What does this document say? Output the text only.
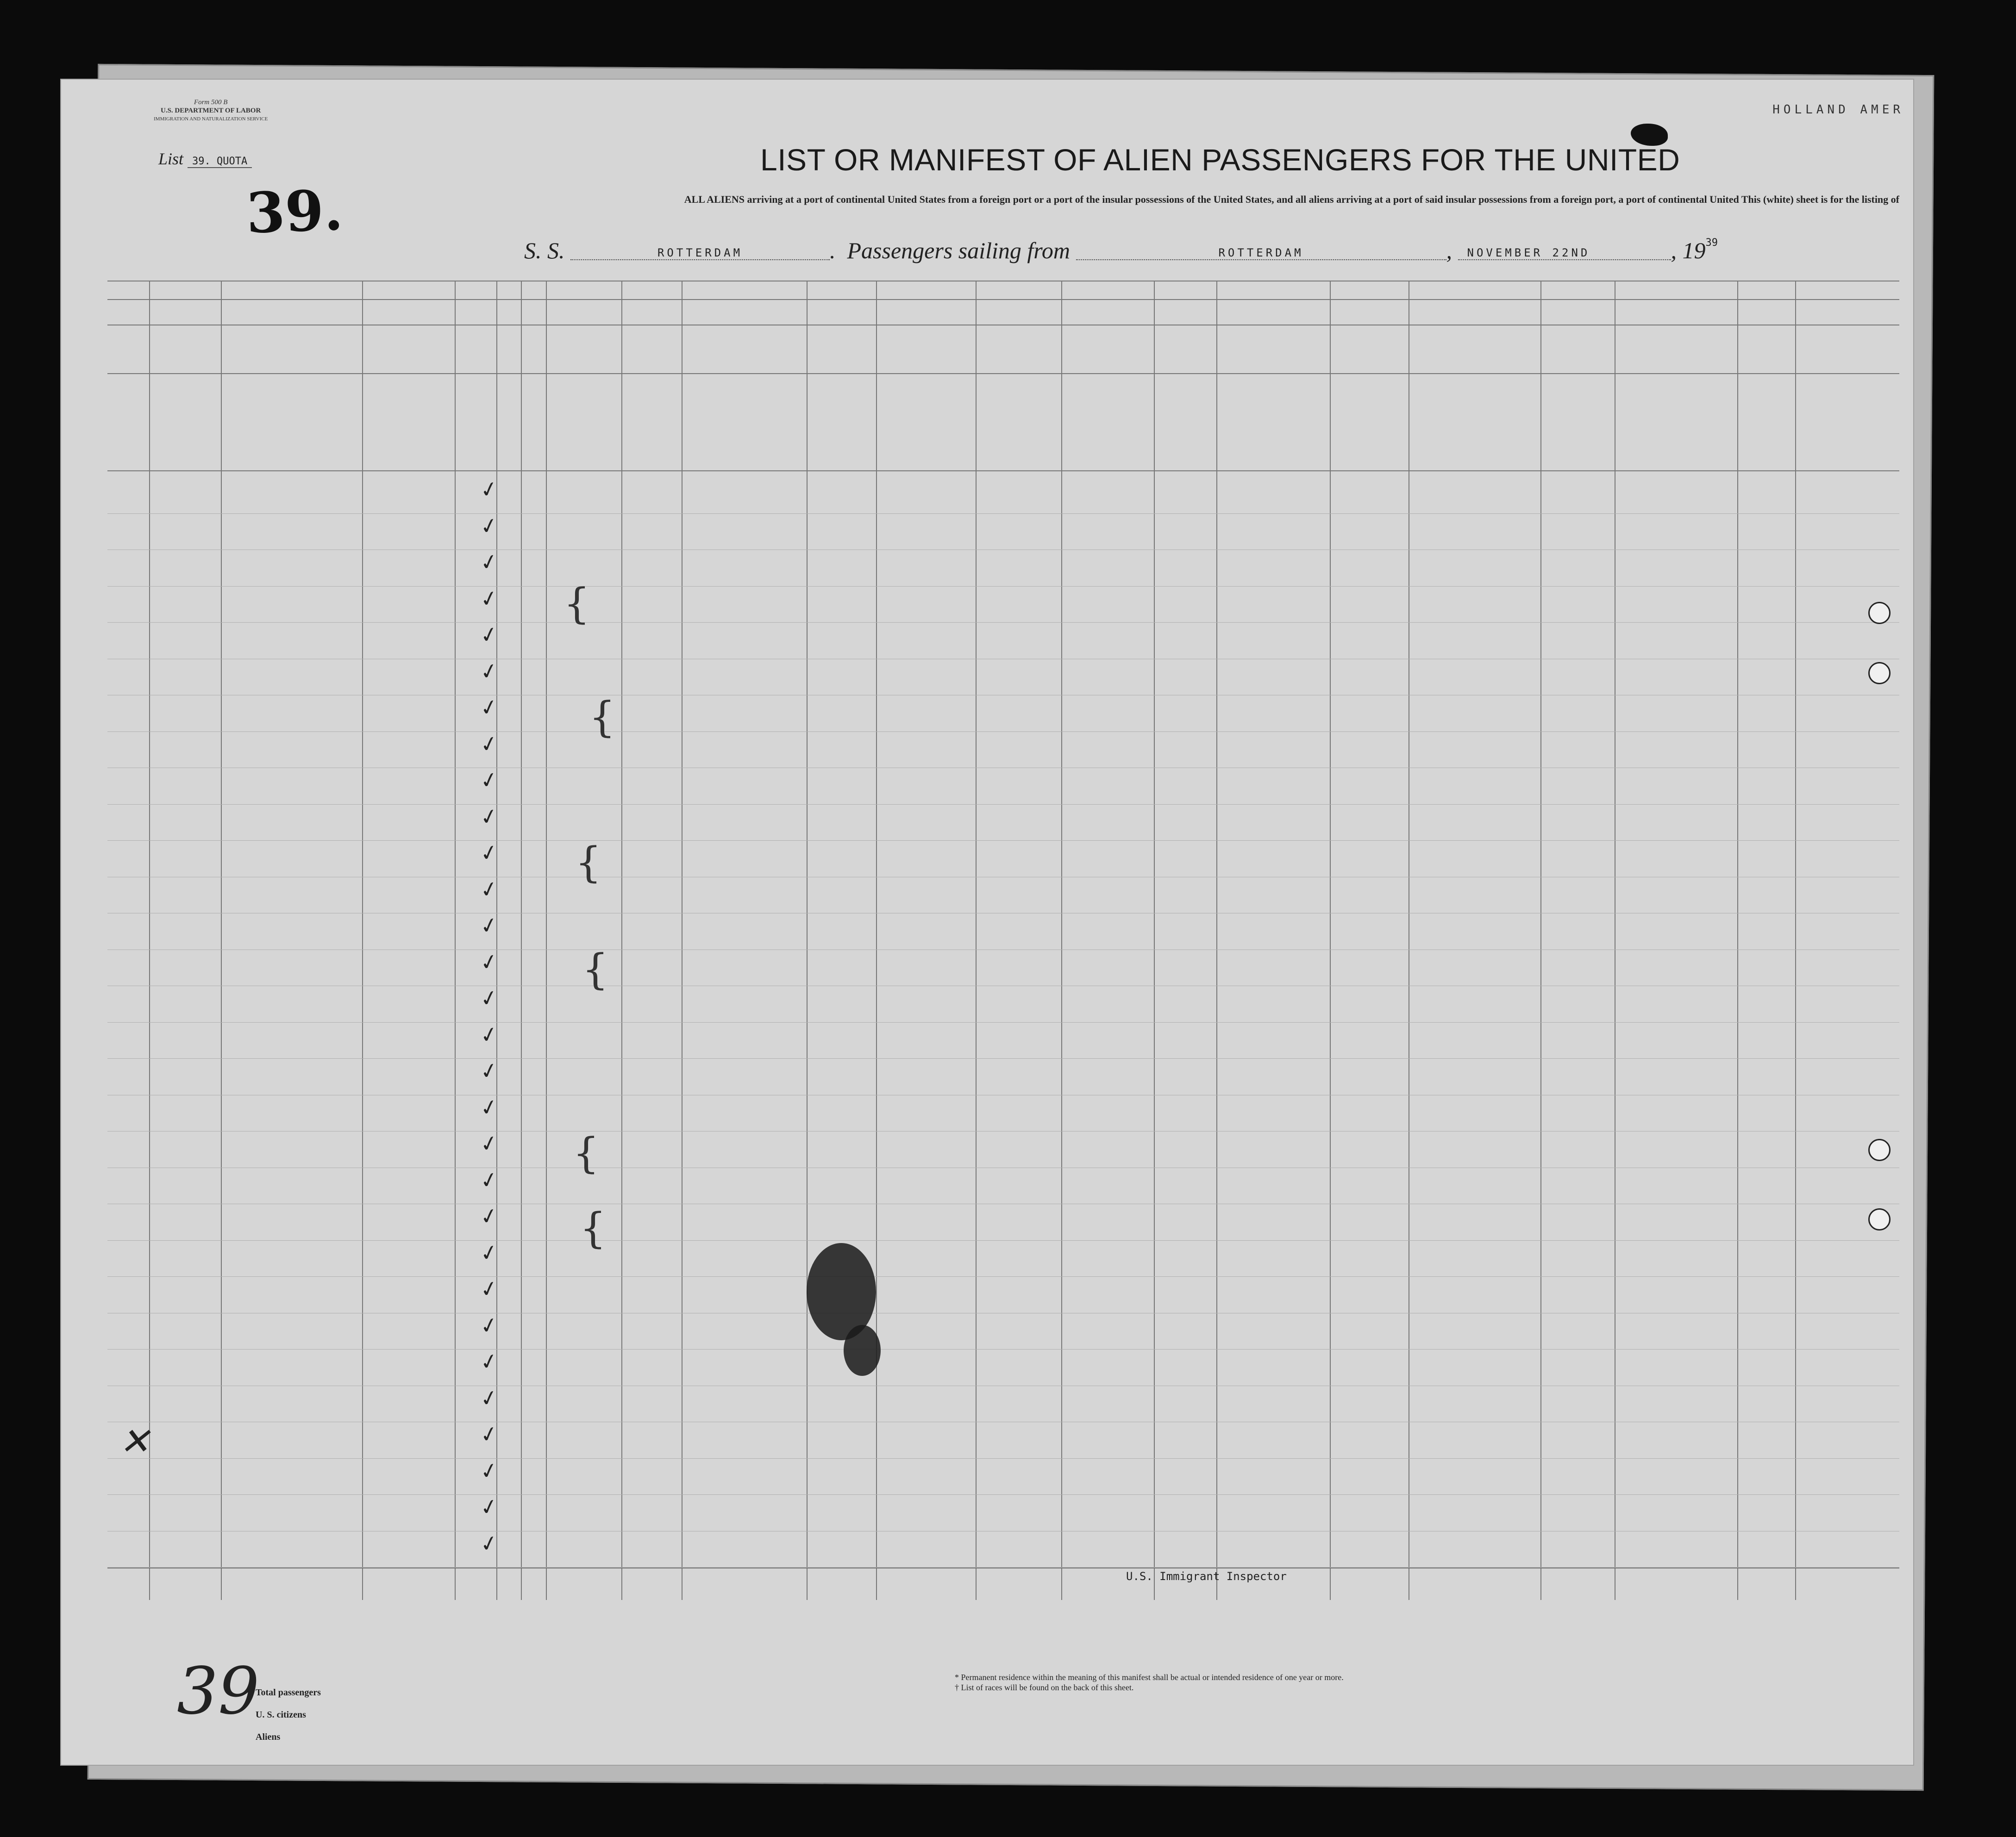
Form 500 B
U.S. DEPARTMENT OF LABOR
IMMIGRATION AND NATURALIZATION SERVICE
List 39. QUOTA
39.
HOLLAND AMER
LIST OR MANIFEST OF ALIEN PASSENGERS FOR THE UNITED
ALL ALIENS arriving at a port of continental United States from a foreign port or a port of the insular possessions of the United States, and all aliens arriving at a port of said insular possessions from a foreign port, a port of continental United This (white) sheet is for the listing of
S. S.	ROTTERDAM	.  Passengers sailing from	ROTTERDAM	, NOVEMBER 22ND	, $19^{39}$
✓
✓
✓
✓
✓
✓
✓
✓
✓
✓
✓
✓
✓
✓
✓
✓
✓
✓
✓
✓
✓
✓
✓
✓
✓
✓
✓
✓
✓
✓
{
{
{
{
{
{
✕
U.S. Immigrant Inspector
39
Total passengers
U. S. citizens
Aliens
* Permanent residence within the meaning of this manifest shall be actual or intended residence of one year or more.
† List of races will be found on the back of this sheet.
